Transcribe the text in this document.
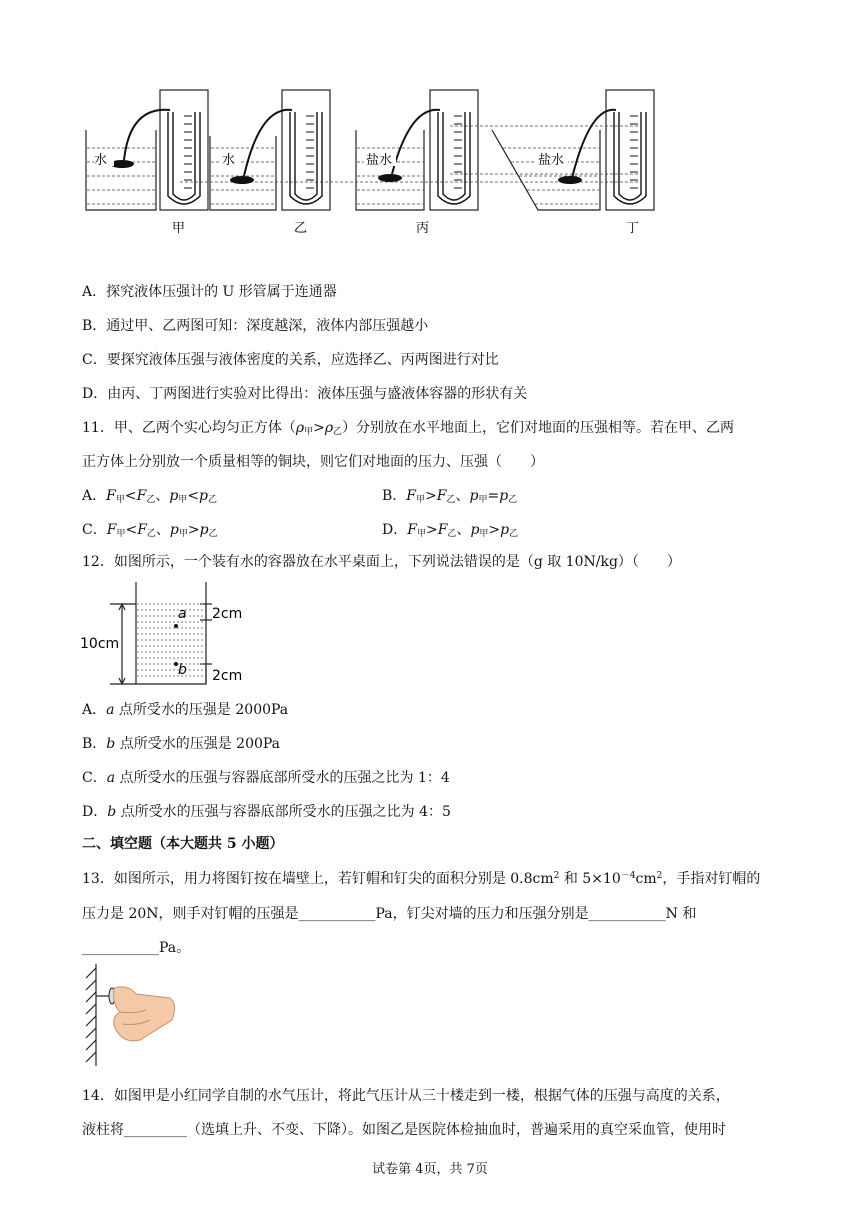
水	水	盐水	盐水
甲	乙	丙	丁
A．探究液体压强计的 U 形管属于连通器
B．通过甲、乙两图可知：深度越深，液体内部压强越小
C．要探究液体压强与液体密度的关系，应选择乙、丙两图进行对比
D．由丙、丁两图进行实验对比得出：液体压强与盛液体容器的形状有关
11．甲、乙两个实心均匀正方体$(\rho_甲>\rho_乙)$分别放在水平地面上，它们对地面的压强相等。若在甲、乙两
正方体上分别放一个质量相等的铜块，则它们对地面的压力、压强（　　）
A．$F_甲<F_乙$、$p_甲<p_乙$	B．$F_甲>F_乙$、$p_甲=p_乙$
C．$F_甲<F_乙$、$p_甲>p_乙$	D．$F_甲>F_乙$、$p_甲>p_乙$
12．如图所示，一个装有水的容器放在水平桌面上，下列说法错误的是（g 取 10N/kg）（　　）
a
b
2cm
2cm
10cm
A．a 点所受水的压强是 2000Pa
B．b 点所受水的压强是 200Pa
C．a 点所受水的压强与容器底部所受水的压强之比为 1：4
D．b 点所受水的压强与容器底部所受水的压强之比为 4：5
二、填空题（本大题共 5 小题）
13．如图所示，用力将图钉按在墙壁上，若钉帽和钉尖的面积分别是 $0.8cm^2$ 和 $5\times 10^{-4}cm^2$，手指对钉帽的
压力是 20N，则手对钉帽的压强是___________Pa，钉尖对墙的压力和压强分别是___________N 和
___________Pa。
14．如图甲是小红同学自制的水气压计，将此气压计从三十楼走到一楼，根据气体的压强与高度的关系，
液柱将_________（选填上升、不变、下降）。如图乙是医院体检抽血时，普遍采用的真空采血管，使用时
试卷第 4页，共 7页
